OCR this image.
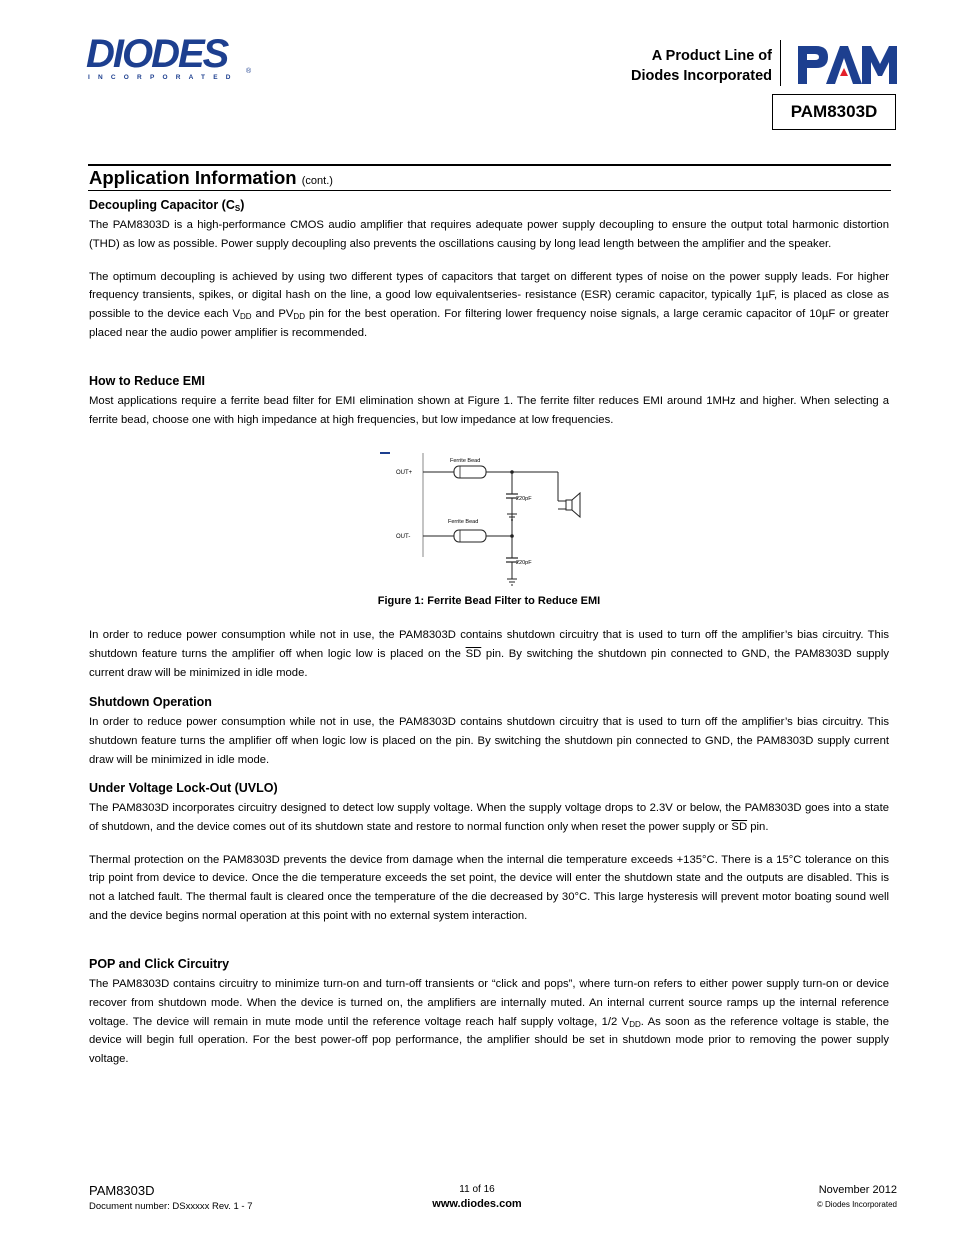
DIODES
INCORPORATED
®
A Product Line of
Diodes Incorporated
PAM8303D
Application Information (cont.)
Decoupling Capacitor $(C_S)$

The PAM8303D is a high-performance CMOS audio amplifier that requires adequate power supply decoupling to ensure the output total harmonic distortion (THD) as low as possible. Power supply decoupling also prevents the oscillations causing by long lead length between the amplifier and the speaker.

The optimum decoupling is achieved by using two different types of capacitors that target on different types of noise on the power supply leads. For higher frequency transients, spikes, or digital hash on the line, a good low equivalentseries- resistance (ESR) ceramic capacitor, typically 1µF, is placed as close as possible to the device each $V_{DD}$ and $PV_{DD}$ pin for the best operation. For filtering lower frequency noise signals, a large ceramic capacitor of 10µF or greater placed near the audio power amplifier is recommended.

How to Reduce EMI

Most applications require a ferrite bead filter for EMI elimination shown at Figure 1. The ferrite filter reduces EMI around 1MHz and higher. When selecting a ferrite bead, choose one with high impedance at high frequencies, but low impedance at low frequencies.

OUT+
OUT-
Ferrite Bead
220pF
Ferrite Bead
220pF
Figure 1: Ferrite Bead Filter to Reduce EMI

In order to reduce power consumption while not in use, the PAM8303D contains shutdown circuitry that is used to turn off the amplifier’s bias circuitry. This shutdown feature turns the amplifier off when logic low is placed on the $\overline{SD}$ pin. By switching the shutdown pin connected to GND, the PAM8303D supply current draw will be minimized in idle mode.

Shutdown Operation

In order to reduce power consumption while not in use, the PAM8303D contains shutdown circuitry that is used to turn off the amplifier’s bias circuitry. This shutdown feature turns the amplifier off when logic low is placed on the pin. By switching the shutdown pin connected to GND, the PAM8303D supply current draw will be minimized in idle mode.

Under Voltage Lock-Out (UVLO)

The PAM8303D incorporates circuitry designed to detect low supply voltage. When the supply voltage drops to 2.3V or below, the PAM8303D goes into a state of shutdown, and the device comes out of its shutdown state and restore to normal function only when reset the power supply or $\overline{SD}$ pin.

Thermal protection on the PAM8303D prevents the device from damage when the internal die temperature exceeds +135°C. There is a 15°C tolerance on this trip point from device to device. Once the die temperature exceeds the set point, the device will enter the shutdown state and the outputs are disabled. This is not a latched fault. The thermal fault is cleared once the temperature of the die decreased by 30°C. This large hysteresis will prevent motor boating sound well and the device begins normal operation at this point with no external system interaction.

POP and Click Circuitry

The PAM8303D contains circuitry to minimize turn-on and turn-off transients or “click and pops”, where turn-on refers to either power supply turn-on or device recover from shutdown mode. When the device is turned on, the amplifiers are internally muted. An internal current source ramps up the internal reference voltage. The device will remain in mute mode until the reference voltage reach half supply voltage, 1/2 $V_{DD}$. As soon as the reference voltage is stable, the device will begin full operation. For the best power-off pop performance, the amplifier should be set in shutdown mode prior to removing the power supply voltage.

PAM8303D
Document number: DSxxxxx Rev. 1 - 7
11 of 16
www.diodes.com
November 2012
© Diodes Incorporated
